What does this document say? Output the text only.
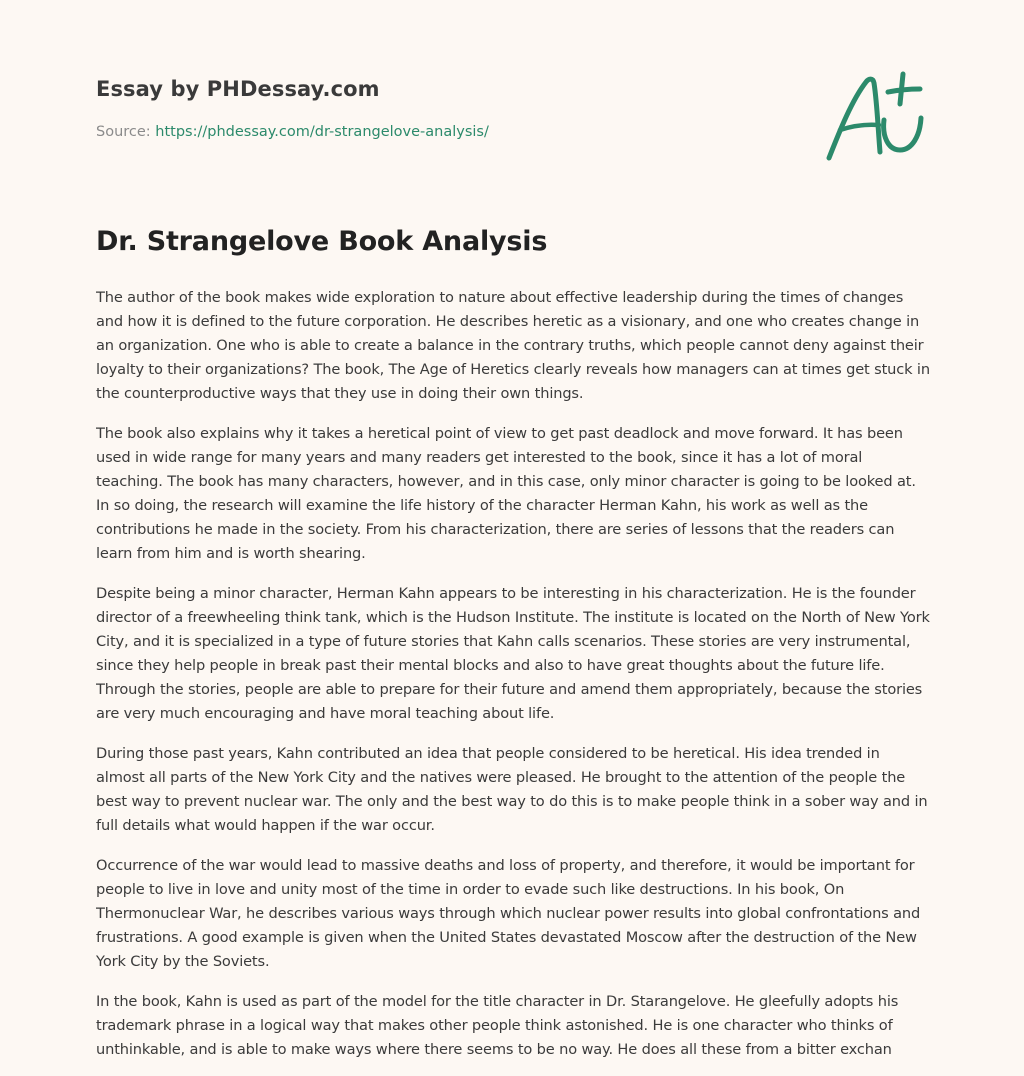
Essay by PHDessay.com

Source: https://phdessay.com/dr-strangelove-analysis/

Dr. Strangelove Book Analysis

The author of the book makes wide exploration to nature about effective leadership during the times of changes and how it is defined to the future corporation. He describes heretic as a visionary, and one who creates change in an organization. One who is able to create a balance in the contrary truths, which people cannot deny against their loyalty to their organizations? The book, The Age of Heretics clearly reveals how managers can at times get stuck in the counterproductive ways that they use in doing their own things.

The book also explains why it takes a heretical point of view to get past deadlock and move forward. It has been used in wide range for many years and many readers get interested to the book, since it has a lot of moral teaching. The book has many characters, however, and in this case, only minor character is going to be looked at. In so doing, the research will examine the life history of the character Herman Kahn, his work as well as the contributions he made in the society. From his characterization, there are series of lessons that the readers can learn from him and is worth shearing.

Despite being a minor character, Herman Kahn appears to be interesting in his characterization. He is the founder director of a freewheeling think tank, which is the Hudson Institute. The institute is located on the North of New York City, and it is specialized in a type of future stories that Kahn calls scenarios. These stories are very instrumental, since they help people in break past their mental blocks and also to have great thoughts about the future life. Through the stories, people are able to prepare for their future and amend them appropriately, because the stories are very much encouraging and have moral teaching about life.

During those past years, Kahn contributed an idea that people considered to be heretical. His idea trended in almost all parts of the New York City and the natives were pleased. He brought to the attention of the people the best way to prevent nuclear war. The only and the best way to do this is to make people think in a sober way and in full details what would happen if the war occur.

Occurrence of the war would lead to massive deaths and loss of property, and therefore, it would be important for people to live in love and unity most of the time in order to evade such like destructions. In his book, On Thermonuclear War, he describes various ways through which nuclear power results into global confrontations and frustrations. A good example is given when the United States devastated Moscow after the destruction of the New York City by the Soviets.

In the book, Kahn is used as part of the model for the title character in Dr. Starangelove. He gleefully adopts his trademark phrase in a logical way that makes other people think astonished. He is one character who thinks of unthinkable, and is able to make ways where there seems to be no way. He does all these from a bitter exchan
